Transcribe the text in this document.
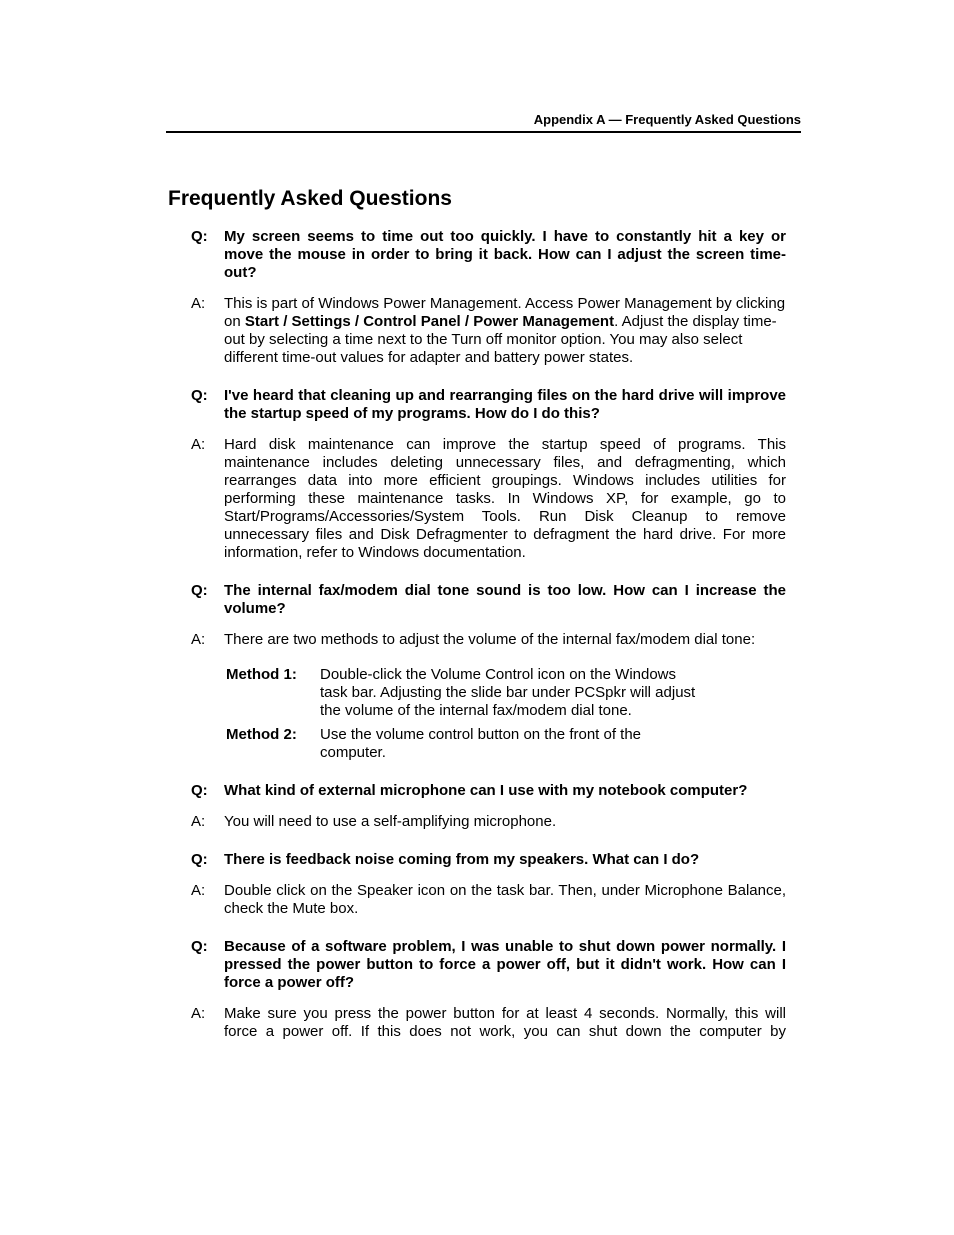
Appendix A — Frequently Asked Questions
Frequently Asked Questions
Q:	My screen seems to time out too quickly. I have to constantly hit a key or move the mouse in order to bring it back. How can I adjust the screen time-out?
A:	This is part of Windows Power Management. Access Power Management by clicking on Start / Settings / Control Panel / Power Management. Adjust the display time-out by selecting a time next to the Turn off monitor option. You may also select different time-out values for adapter and battery power states.
Q:	I've heard that cleaning up and rearranging files on the hard drive will improve the startup speed of my programs. How do I do this?
A:	Hard disk maintenance can improve the startup speed of programs. This maintenance includes deleting unnecessary files, and defragmenting, which rearranges data into more efficient groupings. Windows includes utilities for performing these maintenance tasks. In Windows XP, for example, go to Start/Programs/Accessories/System Tools. Run Disk Cleanup to remove unnecessary files and Disk Defragmenter to defragment the hard drive. For more information, refer to Windows documentation.
Q:	The internal fax/modem dial tone sound is too low. How can I increase the volume?
A:	There are two methods to adjust the volume of the internal fax/modem dial tone:
Method 1:	Double-click the Volume Control icon on the Windows task bar. Adjusting the slide bar under PCSpkr will adjust the volume of the internal fax/modem dial tone.
Method 2:	Use the volume control button on the front of the computer.
Q:	What kind of external microphone can I use with my notebook computer?
A:	You will need to use a self-amplifying microphone.
Q:	There is feedback noise coming from my speakers. What can I do?
A:	Double click on the Speaker icon on the task bar. Then, under Microphone Balance, check the Mute box.
Q:	Because of a software problem, I was unable to shut down power normally. I pressed the power button to force a power off, but it didn't work. How can I force a power off?
A:	Make sure you press the power button for at least 4 seconds. Normally, this will force a power off. If this does not work, you can shut down the computer by
